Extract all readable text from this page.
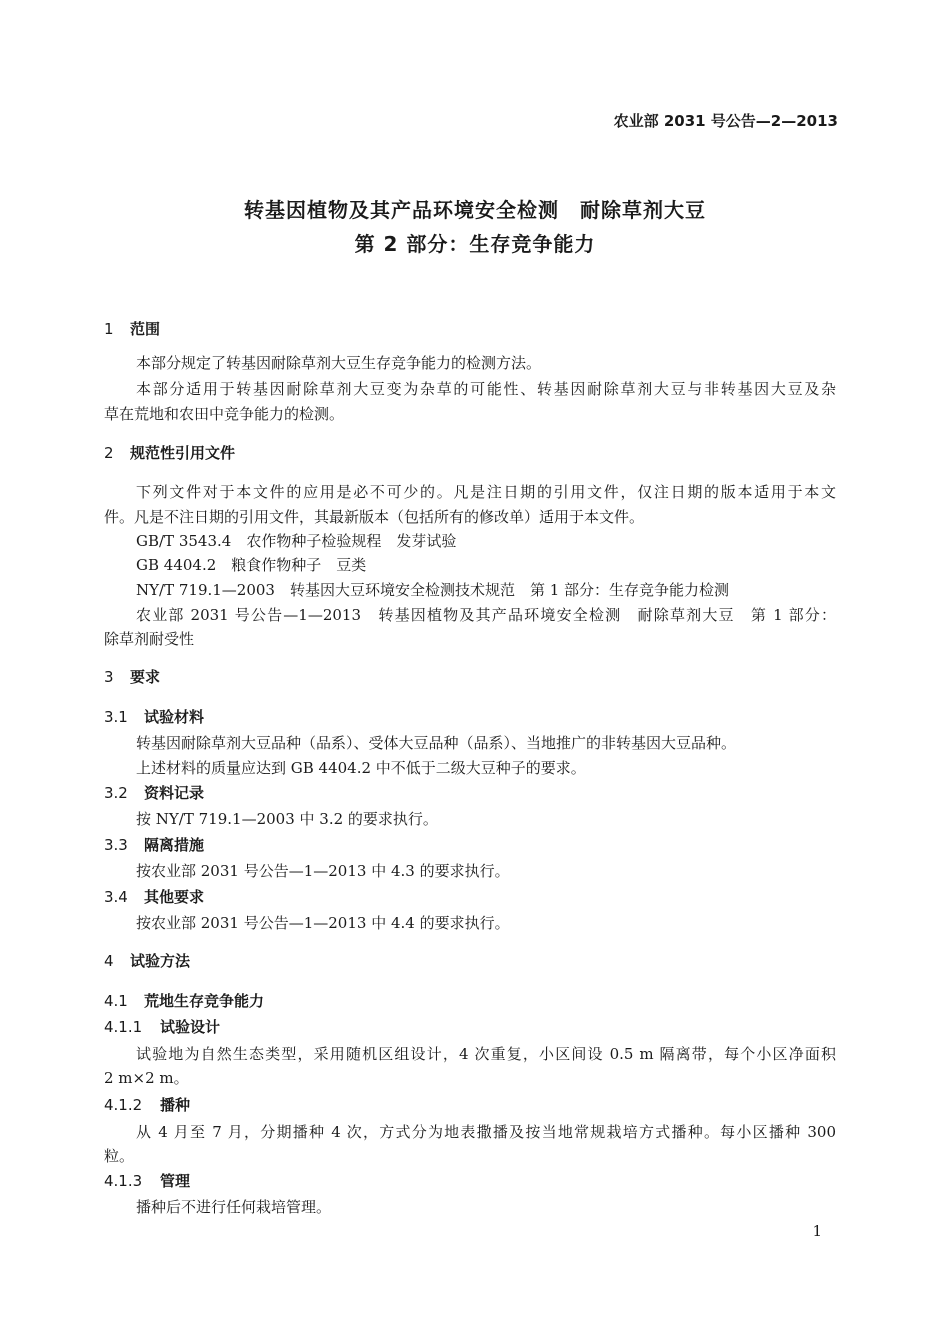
农业部 2031 号公告—2—2013
转基因植物及其产品环境安全检测　耐除草剂大豆
第 2 部分：生存竞争能力
1 范围
本部分规定了转基因耐除草剂大豆生存竞争能力的检测方法。
本部分适用于转基因耐除草剂大豆变为杂草的可能性、转基因耐除草剂大豆与非转基因大豆及杂
草在荒地和农田中竞争能力的检测。
2 规范性引用文件
下列文件对于本文件的应用是必不可少的。凡是注日期的引用文件，仅注日期的版本适用于本文
件。凡是不注日期的引用文件，其最新版本（包括所有的修改单）适用于本文件。
GB/T 3543.4　农作物种子检验规程　发芽试验
GB 4404.2　粮食作物种子　豆类
NY/T 719.1—2003　转基因大豆环境安全检测技术规范　第 1 部分：生存竞争能力检测
农业部 2031 号公告—1—2013　转基因植物及其产品环境安全检测　耐除草剂大豆　第 1 部分：
除草剂耐受性
3 要求
3.1 试验材料
转基因耐除草剂大豆品种（品系）、受体大豆品种（品系）、当地推广的非转基因大豆品种。
上述材料的质量应达到 GB 4404.2 中不低于二级大豆种子的要求。
3.2 资料记录
按 NY/T 719.1—2003 中 3.2 的要求执行。
3.3 隔离措施
按农业部 2031 号公告—1—2013 中 4.3 的要求执行。
3.4 其他要求
按农业部 2031 号公告—1—2013 中 4.4 的要求执行。
4 试验方法
4.1 荒地生存竞争能力
4.1.1 试验设计
试验地为自然生态类型，采用随机区组设计，4 次重复，小区间设 0.5 m 隔离带，每个小区净面积
2 m×2 m。
4.1.2 播种
从 4 月至 7 月，分期播种 4 次，方式分为地表撒播及按当地常规栽培方式播种。每小区播种 300
粒。
4.1.3 管理
播种后不进行任何栽培管理。
1
